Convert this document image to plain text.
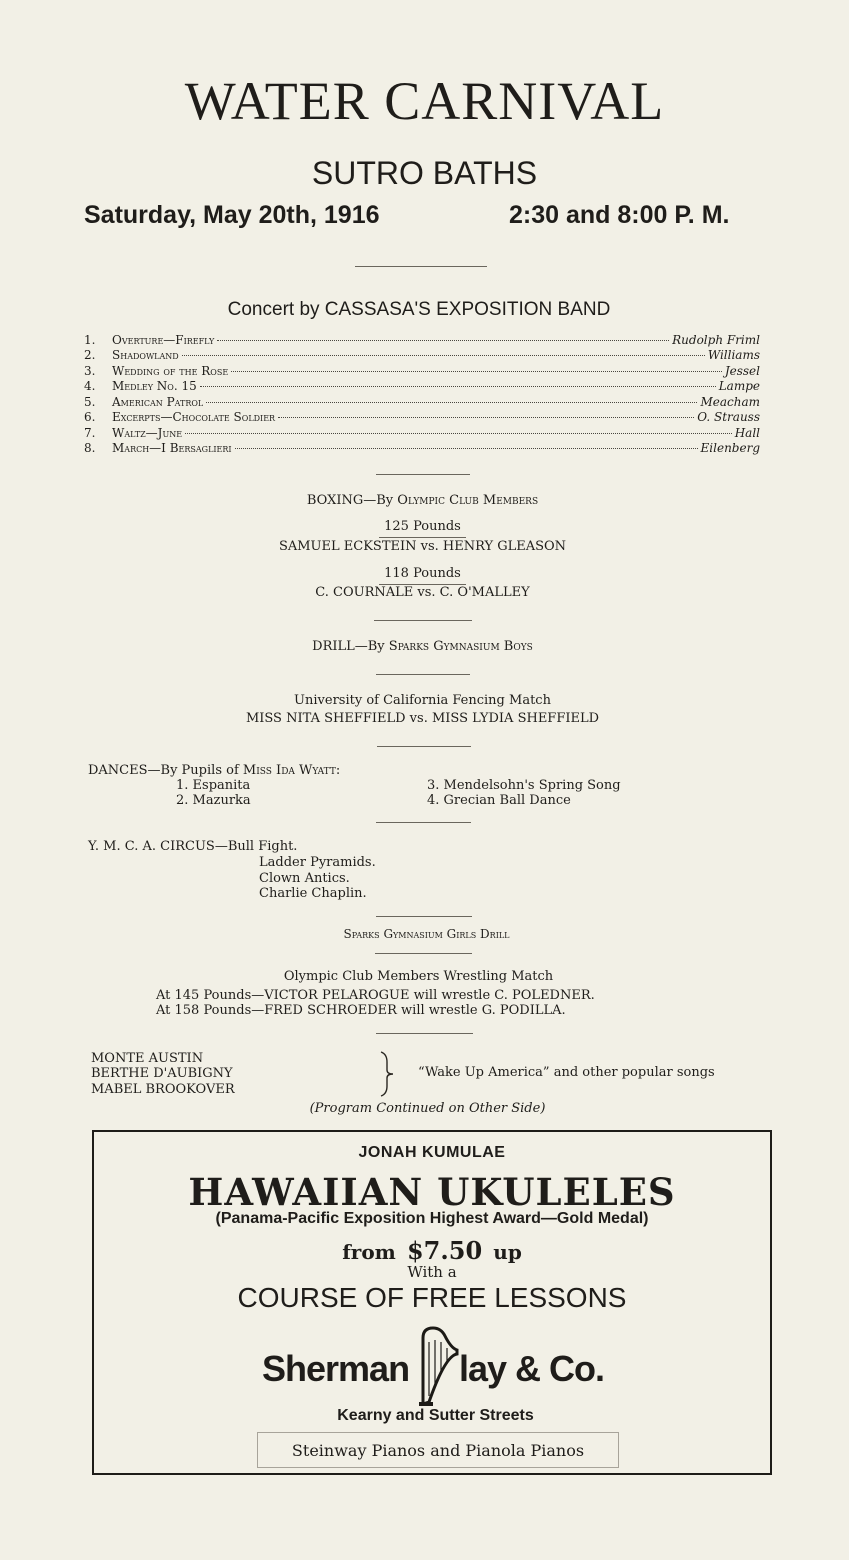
WATER CARNIVAL
SUTRO BATHS
Saturday, May 20th, 1916	2:30 and 8:00 P. M.
Concert by CASSASA'S EXPOSITION BAND
1.	Overture—Firefly	Rudolph Friml
2.	Shadowland	Williams
3.	Wedding of the Rose	Jessel
4.	Medley No. 15	Lampe
5.	American Patrol	Meacham
6.	Excerpts—Chocolate Soldier	O. Strauss
7.	Waltz—June	Hall
8.	March—I Bersaglieri	Eilenberg
BOXING—By Olympic Club Members
125 Pounds
SAMUEL ECKSTEIN vs. HENRY GLEASON
118 Pounds
C. COURNALE vs. C. O'MALLEY
DRILL—By Sparks Gymnasium Boys
University of California Fencing Match
MISS NITA SHEFFIELD vs. MISS LYDIA SHEFFIELD
DANCES—By Pupils of Miss Ida Wyatt:
1. Espanita
2. Mazurka
3. Mendelsohn's Spring Song
4. Grecian Ball Dance
Y. M. C. A. CIRCUS—Bull Fight.
Ladder Pyramids.
Clown Antics.
Charlie Chaplin.
Sparks Gymnasium Girls Drill
Olympic Club Members Wrestling Match
At 145 Pounds—VICTOR PELAROGUE will wrestle C. POLEDNER.
At 158 Pounds—FRED SCHROEDER will wrestle G. PODILLA.
MONTE AUSTIN
BERTHE D'AUBIGNY
MABEL BROOKOVER
“Wake Up America” and other popular songs
(Program Continued on Other Side)
JONAH KUMULAE
HAWAIIAN UKULELES
(Panama-Pacific Exposition Highest Award—Gold Medal)
from $7.50 up
With a
COURSE OF FREE LESSONS
Sherman lay & Co.
Kearny and Sutter Streets
Steinway Pianos and Pianola Pianos
